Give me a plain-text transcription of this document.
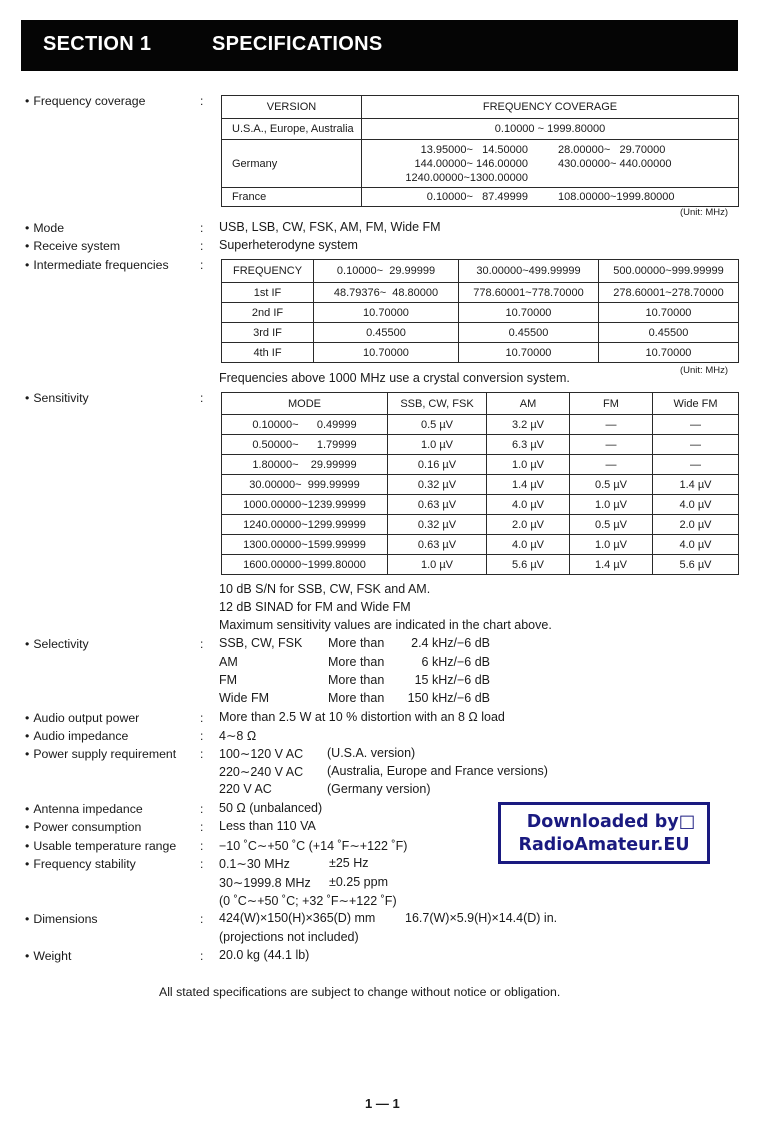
SECTION 1	SPECIFICATIONS
• Frequency coverage	:	VERSION	FREQUENCY COVERAGE
U.S.A., Europe, Australia	0.10000 ~ 1999.80000
Germany	13.95000~   14.50000 28.00000~   29.70000
144.00000~ 146.00000 430.00000~ 440.00000
1240.00000~1300.00000

France	0.10000~   87.49999 108.00000~1999.80000
(Unit: MHz)
• Mode	: USB, LSB, CW, FSK, AM, FM, Wide FM
• Receive system	: Superheterodyne system
• Intermediate frequencies	:	FREQUENCY	0.10000~  29.99999	30.00000~499.99999	500.00000~999.99999
1st IF	48.79376~  48.80000	778.60001~778.70000	278.60001~278.70000
2nd IF	10.70000	10.70000	10.70000
3rd IF	0.45500	0.45500	0.45500
4th IF	10.70000	10.70000	10.70000
(Unit: MHz)
Frequencies above 1000 MHz use a crystal conversion system.
• Sensitivity	:	MODE	SSB, CW, FSK	AM	FM	Wide FM
0.10000~      0.49999	0.5 µV	3.2 µV	—	—
0.50000~      1.79999	1.0 µV	6.3 µV	—	—
1.80000~    29.99999	0.16 µV	1.0 µV	—	—
30.00000~  999.99999	0.32 µV	1.4 µV	0.5 µV	1.4 µV
1000.00000~1239.99999	0.63 µV	4.0 µV	1.0 µV	4.0 µV
1240.00000~1299.99999	0.32 µV	2.0 µV	0.5 µV	2.0 µV
1300.00000~1599.99999	0.63 µV	4.0 µV	1.0 µV	4.0 µV
1600.00000~1999.80000	1.0 µV	5.6 µV	1.4 µV	5.6 µV
10 dB S/N for SSB, CW, FSK and AM.
12 dB SINAD for FM and Wide FM
Maximum sensitivity values are indicated in the chart above.
• Selectivity	: SSB, CW, FSK More than	2.4 kHz/−6 dB
AM	More than	6 kHz/−6 dB
FM	More than	15 kHz/−6 dB
Wide FM	More than	150 kHz/−6 dB
• Audio output power	: More than 2.5 W at 10 % distortion with an 8 Ω load
• Audio impedance	: 4∼8 Ω
• Power supply requirement : 100∼120 V AC (U.S.A. version)
220∼240 V AC (Australia, Europe and France versions)
220 V AC	(Germany version)
• Antenna impedance	: 50 Ω (unbalanced)
• Power consumption	: Less than 110 VA
• Usable temperature range : −10 ˚C∼+50 ˚C (+14 ˚F∼+122 ˚F)
• Frequency stability	: 0.1∼30 MHz	±25 Hz
30∼1999.8 MHz ±0.25 ppm
(0 ˚C∼+50 ˚C; +32 ˚F∼+122 ˚F)
• Dimensions	: 424(W)×150(H)×365(D) mm 16.7(W)×5.9(H)×14.4(D) in.
(projections not included)
• Weight	: 20.0 kg (44.1 lb)
All stated specifications are subject to change without notice or obligation.
1 — 1
Downloaded by□
RadioAmateur.EU
